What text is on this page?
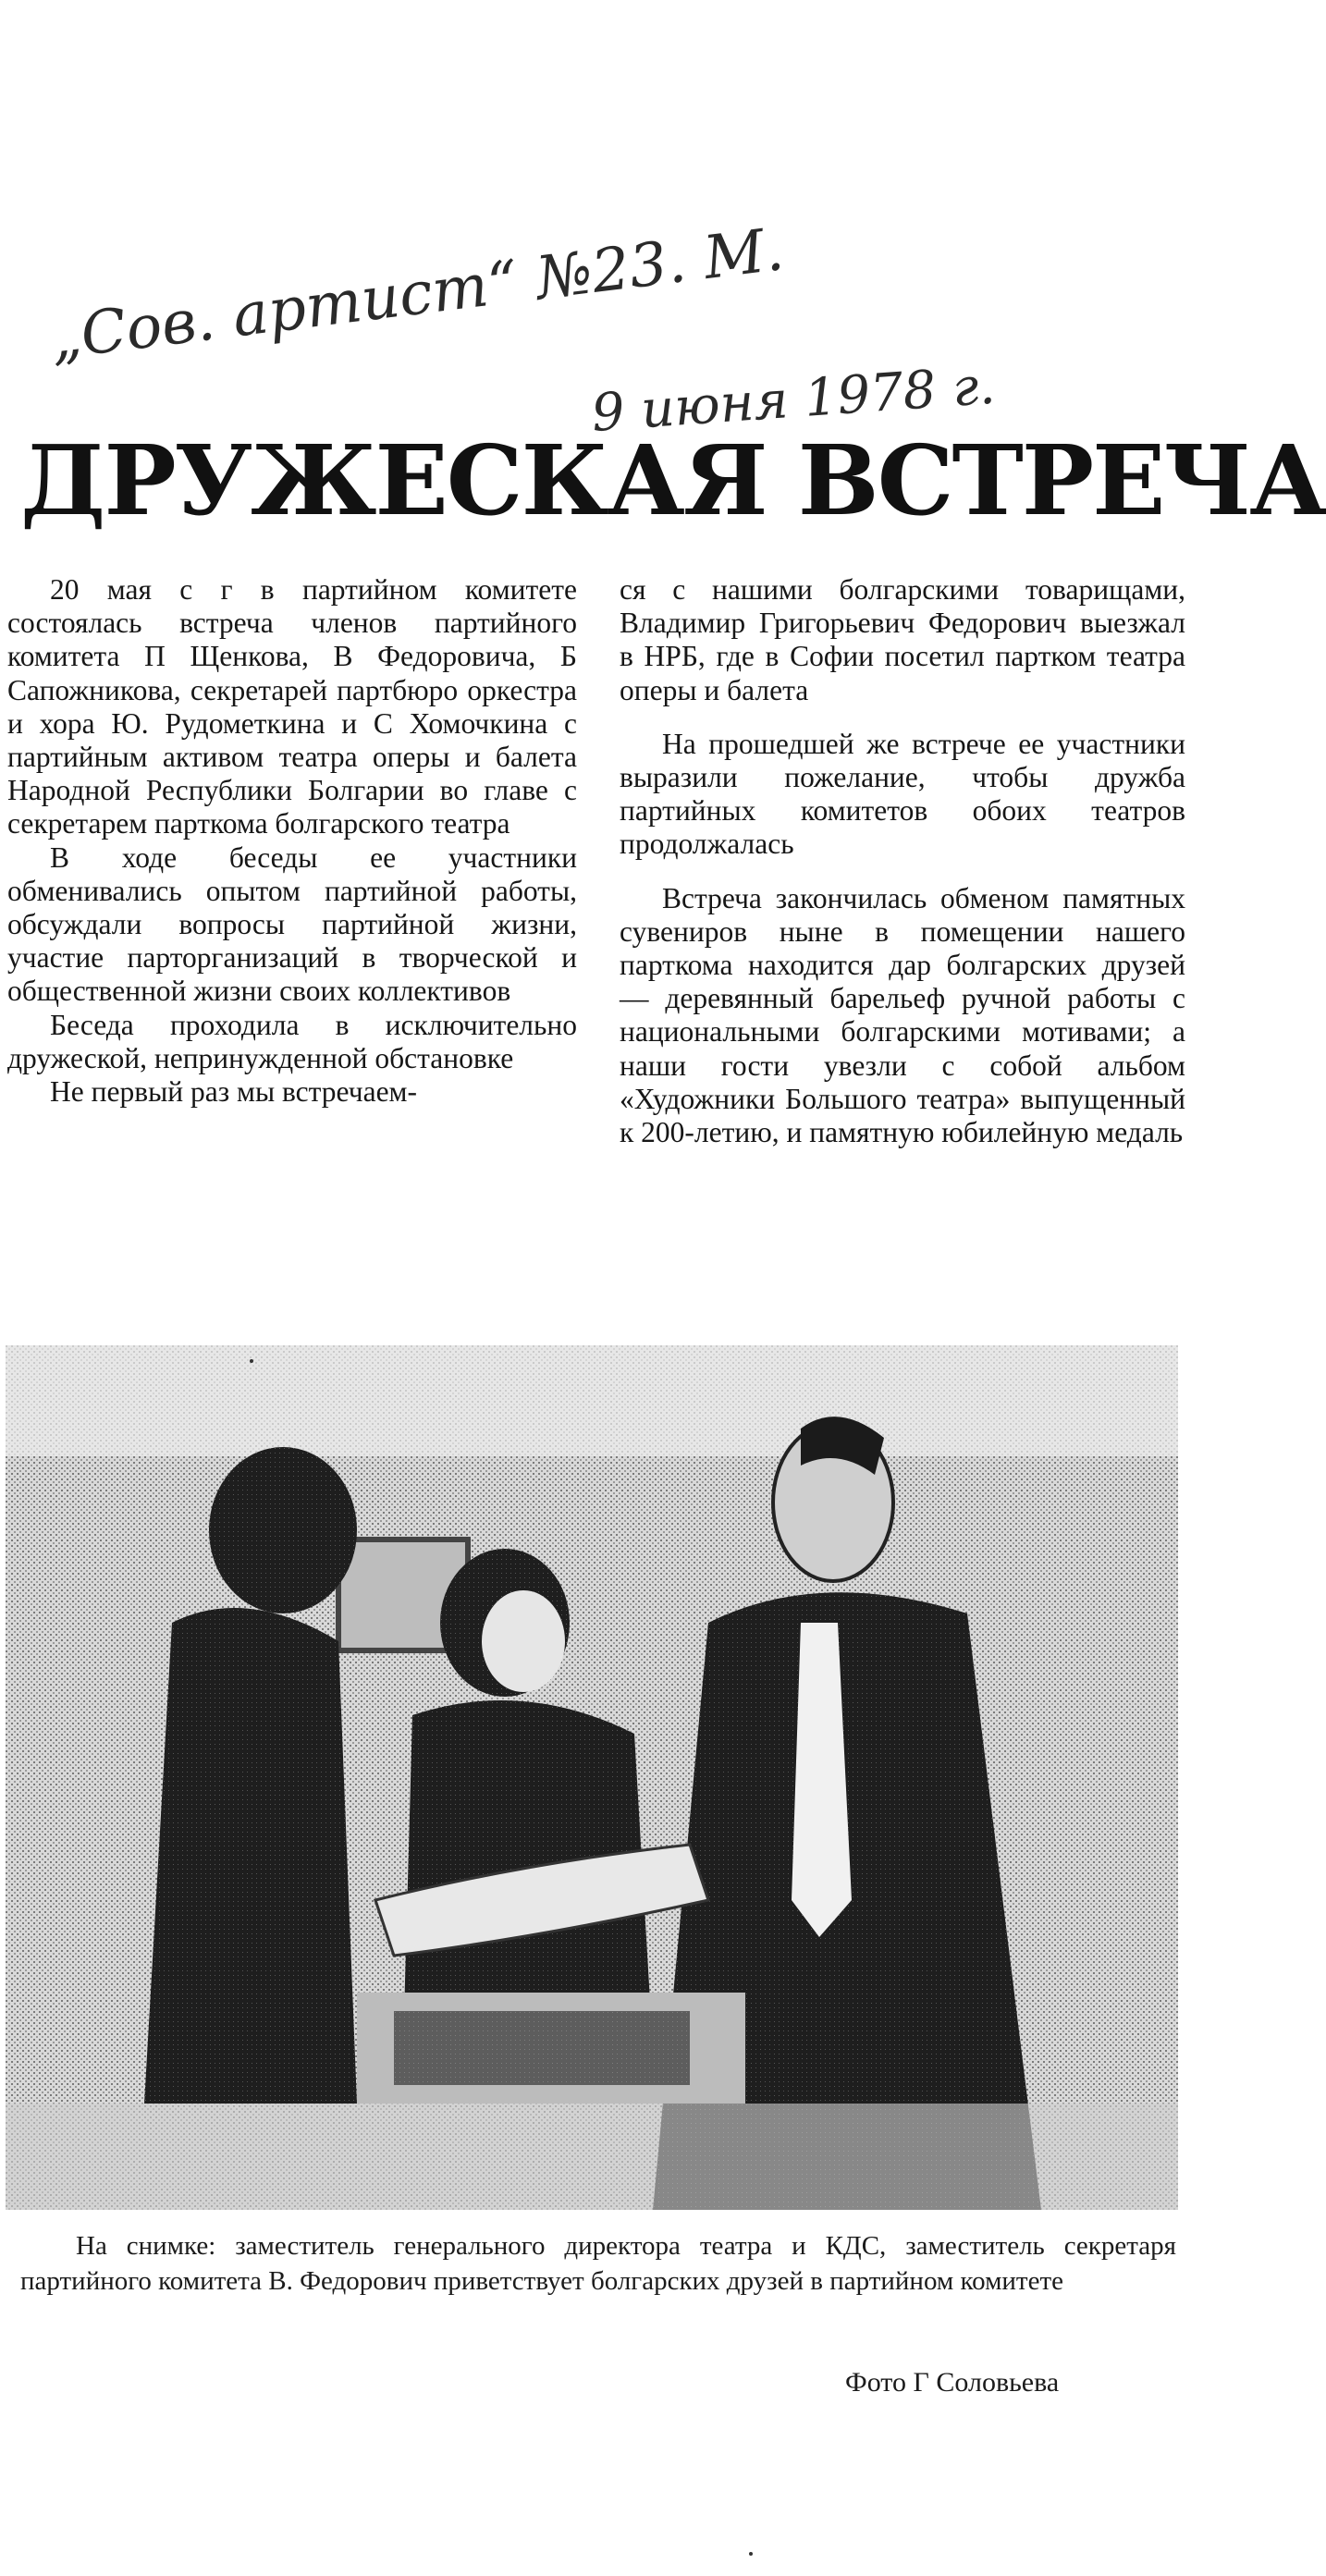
„Сов. артист“ №23. М.
9 июня 1978 г.
ДРУЖЕСКАЯ ВСТРЕЧА

20 мая с г в партийном комитете состоялась встреча членов партийного комитета П Щенкова, В Федоровича, Б Сапожникова, секретарей партбюро оркестра и хора Ю. Рудометкина и С Хомочкина с партийным активом театра оперы и балета Народной Республики Болгарии во главе с секретарем парткома болгарского театра

В ходе беседы ее участники обменивались опытом партийной работы, обсуждали вопросы партийной жизни, участие парторганизаций в творческой и общественной жизни своих коллективов

Беседа проходила в исключительно дружеской, непринужденной обстановке

Не первый раз мы встречаем-

ся с нашими болгарскими товарищами, Владимир Григорьевич Федорович выезжал в НРБ, где в Софии посетил партком театра оперы и балета

На прошедшей же встрече ее участники выразили пожелание, чтобы дружба партийных комитетов обоих театров продолжалась

Встреча закончилась обменом памятных сувениров ныне в помещении нашего парткома находится дар болгарских друзей — деревянный барельеф ручной работы с национальными болгарскими мотивами; а наши гости увезли с собой альбом «Художники Большого театра» выпущенный к 200-летию, и памятную юбилейную медаль

На снимке: заместитель генерального директора театра и КДС, заместитель секретаря партийного комитета В. Федорович приветствует болгарских друзей в партийном комитете
Фото Г Соловьева
